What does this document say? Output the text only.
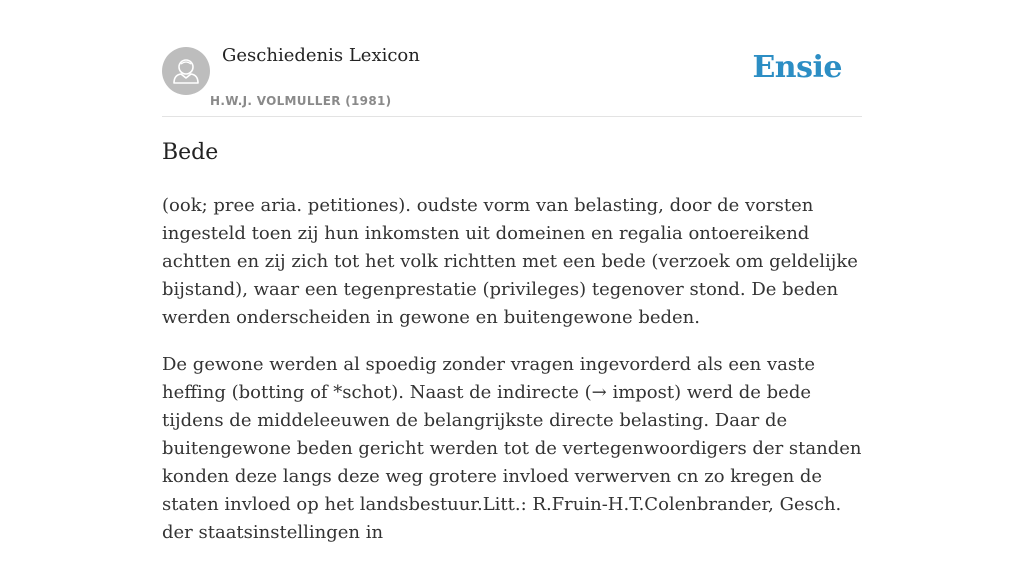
Geschiedenis Lexicon
H.W.J. VOLMULLER (1981)
Ensie
Bede

(ook; pree aria. petitiones). oudste vorm van belasting, door de vorsten ingesteld toen zij hun inkomsten uit domeinen en regalia ontoereikend achtten en zij zich tot het volk richtten met een bede (verzoek om geldelijke bijstand), waar een tegenprestatie (privileges) tegenover stond. De beden werden onderscheiden in gewone en buitengewone beden.

De gewone werden al spoedig zonder vragen ingevorderd als een vaste heffing (botting of *schot). Naast de indirecte (→ impost) werd de bede tijdens de middeleeuwen de belangrijkste directe belasting. Daar de buitengewone beden gericht werden tot de vertegenwoordigers der standen konden deze langs deze weg grotere invloed verwerven cn zo kregen de staten invloed op het landsbestuur.Litt.: R.Fruin-H.T.Colenbrander, Gesch. der staatsinstellingen in
